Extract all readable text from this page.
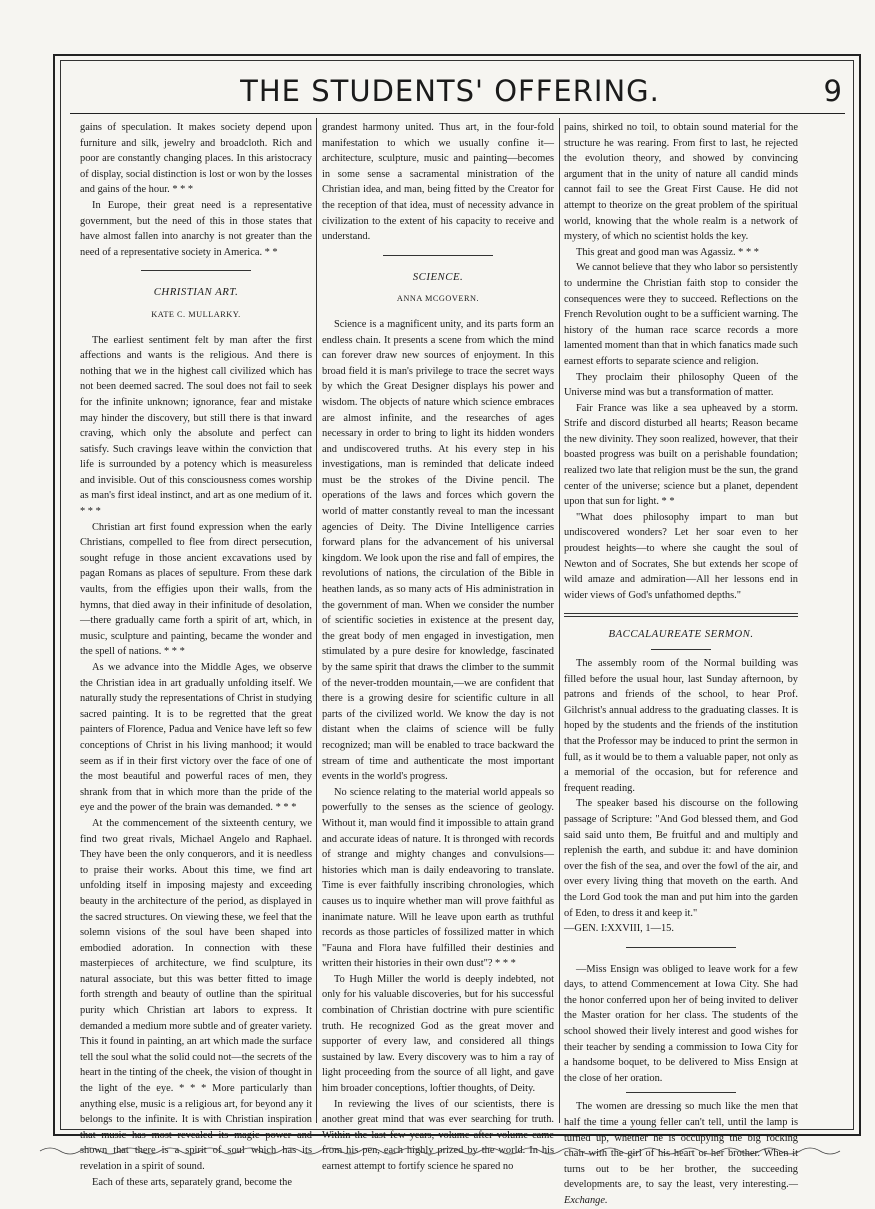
THE STUDENTS' OFFERING.	9

gains of speculation. It makes society depend upon furniture and silk, jewelry and broadcloth. Rich and poor are constantly changing places. In this aristocracy of display, social distinction is lost or won by the losses and gains of the hour. * * *

In Europe, their great need is a representative government, but the need of this in those states that have almost fallen into anarchy is not greater than the need of a representative society in America. * *

CHRISTIAN ART.
KATE C. MULLARKY.

The earliest sentiment felt by man after the first affections and wants is the religious. And there is nothing that we in the highest call civilized which has not been deemed sacred. The soul does not fail to seek for the infinite unknown; ignorance, fear and mistake may hinder the discovery, but still there is that inward craving, which only the absolute and perfect can satisfy. Such cravings leave within the conviction that life is surrounded by a potency which is measureless and invisible. Out of this consciousness comes worship as man's first ideal instinct, and art as one medium of it. * * *

Christian art first found expression when the early Christians, compelled to flee from direct persecution, sought refuge in those ancient excavations used by pagan Romans as places of sepulture. From these dark vaults, from the effigies upon their walls, from the hymns, that died away in their infinitude of desolation,—there gradually came forth a spirit of art, which, in music, sculpture and painting, became the wonder and the spell of nations. * * *

As we advance into the Middle Ages, we observe the Christian idea in art gradually unfolding itself. We naturally study the representations of Christ in studying sacred painting. It is to be regretted that the great painters of Florence, Padua and Venice have left so few conceptions of Christ in his living manhood; it would seem as if in their first victory over the face of one of the most beautiful and powerful races of men, they shrank from that in which more than the pride of the eye and the power of the brain was demanded. * * *

At the commencement of the sixteenth century, we find two great rivals, Michael Angelo and Raphael. They have been the only conquerors, and it is needless to praise their works. About this time, we find art unfolding itself in imposing majesty and exceeding beauty in the architecture of the period, as displayed in the sacred structures. On viewing these, we feel that the solemn visions of the soul have been shaped into embodied adoration. In connection with these masterpieces of architecture, we find sculpture, its natural associate, but this was better fitted to image forth strength and beauty of outline than the spiritual purity which Christian art labors to express. It demanded a medium more subtle and of greater variety. This it found in painting, an art which made the surface tell the soul what the solid could not—the secrets of the heart in the tinting of the cheek, the vision of thought in the light of the eye. * * * More particularly than anything else, music is a religious art, for beyond any it belongs to the infinite. It is with Christian inspiration that music has most revealed its magic power and shown that there is a spirit of soul which has its revelation in a spirit of sound.

Each of these arts, separately grand, become the

grandest harmony united. Thus art, in the four-fold manifestation to which we usually confine it—architecture, sculpture, music and painting—becomes in some sense a sacramental ministration of the Christian idea, and man, being fitted by the Creator for the reception of that idea, must of necessity advance in civilization to the extent of his capacity to receive and understand.

SCIENCE.
ANNA MCGOVERN.

Science is a magnificent unity, and its parts form an endless chain. It presents a scene from which the mind can forever draw new sources of enjoyment. In this broad field it is man's privilege to trace the secret ways by which the Great Designer displays his power and wisdom. The objects of nature which science embraces are almost infinite, and the researches of ages necessary in order to bring to light its hidden wonders and undiscovered truths. At his every step in his investigations, man is reminded that delicate indeed must be the strokes of the Divine pencil. The operations of the laws and forces which govern the world of matter constantly reveal to man the incessant agencies of Deity. The Divine Intelligence carries forward plans for the advancement of his universal kingdom. We look upon the rise and fall of empires, the revolutions of nations, the circulation of the Bible in heathen lands, as so many acts of His administration in the government of man. When we consider the number of scientific societies in existence at the present day, the great body of men engaged in investigation, men stimulated by a pure desire for knowledge, fascinated by the same spirit that draws the climber to the summit of the never-trodden mountain,—we are confident that there is a growing desire for scientific culture in all parts of the civilized world. We know the day is not distant when the claims of science will be fully recognized; man will be enabled to trace backward the stream of time and authenticate the most important events in the world's progress.

No science relating to the material world appeals so powerfully to the senses as the science of geology. Without it, man would find it impossible to attain grand and accurate ideas of nature. It is thronged with records of strange and mighty changes and convulsions—histories which man is daily endeavoring to translate. Time is ever faithfully inscribing chronologies, which causes us to inquire whether man will prove faithful as inanimate nature. Will he leave upon earth as truthful records as those particles of fossilized matter in which "Fauna and Flora have fulfilled their destinies and written their histories in their own dust"? * * *

To Hugh Miller the world is deeply indebted, not only for his valuable discoveries, but for his successful combination of Christian doctrine with pure scientific truth. He recognized God as the great mover and supporter of every law, and considered all things sustained by law. Every discovery was to him a ray of light proceeding from the source of all light, and gave him broader conceptions, loftier thoughts, of Deity.

In reviewing the lives of our scientists, there is another great mind that was ever searching for truth. Within the last few years, volume after volume came from his pen, each highly prized by the world. In his earnest attempt to fortify science he spared no

pains, shirked no toil, to obtain sound material for the structure he was rearing. From first to last, he rejected the evolution theory, and showed by convincing argument that in the unity of nature all candid minds cannot fail to see the Great First Cause. He did not attempt to theorize on the great problem of the spiritual world, knowing that the whole realm is a network of mystery, of which no scientist holds the key.

This great and good man was Agassiz. * * *

We cannot believe that they who labor so persistently to undermine the Christian faith stop to consider the consequences were they to succeed. Reflections on the French Revolution ought to be a sufficient warning. The history of the human race scarce records a more lamented moment than that in which fanatics made such earnest efforts to separate science and religion.

They proclaim their philosophy Queen of the Universe mind was but a transformation of matter.

Fair France was like a sea upheaved by a storm. Strife and discord disturbed all hearts; Reason became the new divinity. They soon realized, however, that their boasted progress was built on a perishable foundation; realized two late that religion must be the sun, the grand center of the universe; science but a planet, dependent upon that sun for light. * *

"What does philosophy impart to man but undiscovered wonders? Let her soar even to her proudest heights—to where she caught the soul of Newton and of Socrates, She but extends her scope of wild amaze and admiration—All her lessons end in wider views of God's unfathomed depths."

BACCALAUREATE SERMON.

The assembly room of the Normal building was filled before the usual hour, last Sunday afternoon, by patrons and friends of the school, to hear Prof. Gilchrist's annual address to the graduating classes. It is hoped by the students and the friends of the institution that the Professor may be induced to print the sermon in full, as it would be to them a valuable paper, not only as a memorial of the occasion, but for reference and frequent reading.

The speaker based his discourse on the following passage of Scripture: "And God blessed them, and God said said unto them, Be fruitful and and multiply and replenish the earth, and subdue it: and have dominion over the fish of the sea, and over the fowl of the air, and over every living thing that moveth on the earth. And the Lord God took the man and put him into the garden of Eden, to dress it and keep it."

—GEN. I:XXVIII, 1—15.

—Miss Ensign was obliged to leave work for a few days, to attend Commencement at Iowa City. She had the honor conferred upon her of being invited to deliver the Master oration for her class. The students of the school showed their lively interest and good wishes for their teacher by sending a commission to Iowa City for a handsome boquet, to be delivered to Miss Ensign at the close of her oration.

The women are dressing so much like the men that half the time a young feller can't tell, until the lamp is turned up, whether he is occupying the big rocking chair with the girl of his heart or her brother. When it turns out to be her brother, the succeeding developments are, to say the least, very interesting.—Exchange.
